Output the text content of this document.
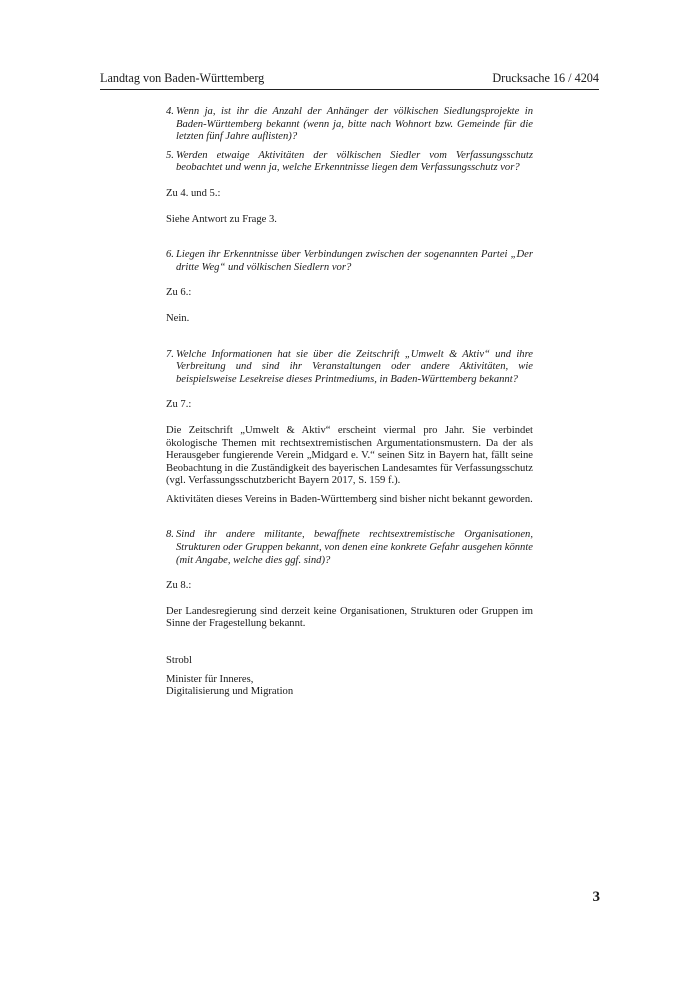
Landtag von Baden-Württemberg	Drucksache 16 / 4204
4. Wenn ja, ist ihr die Anzahl der Anhänger der völkischen Siedlungsprojekte in Baden-Württemberg bekannt (wenn ja, bitte nach Wohnort bzw. Gemeinde für die letzten fünf Jahre auflisten)?
5. Werden etwaige Aktivitäten der völkischen Siedler vom Verfassungsschutz beobachtet und wenn ja, welche Erkenntnisse liegen dem Verfassungsschutz vor?

Zu 4. und 5.:

Siehe Antwort zu Frage 3.

6. Liegen ihr Erkenntnisse über Verbindungen zwischen der sogenannten Partei „Der dritte Weg“ und völkischen Siedlern vor?

Zu 6.:

Nein.

7. Welche Informationen hat sie über die Zeitschrift „Umwelt & Aktiv“ und ihre Verbreitung und sind ihr Veranstaltungen oder andere Aktivitäten, wie beispielsweise Lesekreise dieses Printmediums, in Baden-Württemberg bekannt?

Zu 7.:

Die Zeitschrift „Umwelt & Aktiv“ erscheint viermal pro Jahr. Sie verbindet ökologische Themen mit rechtsextremistischen Argumentationsmustern. Da der als Herausgeber fungierende Verein „Midgard e. V.“ seinen Sitz in Bayern hat, fällt seine Beobachtung in die Zuständigkeit des bayerischen Landesamtes für Verfassungsschutz (vgl. Verfassungsschutzbericht Bayern 2017, S. 159 f.).

Aktivitäten dieses Vereins in Baden-Württemberg sind bisher nicht bekannt geworden.

8. Sind ihr andere militante, bewaffnete rechtsextremistische Organisationen, Strukturen oder Gruppen bekannt, von denen eine konkrete Gefahr ausgehen könnte (mit Angabe, welche dies ggf. sind)?

Zu 8.:

Der Landesregierung sind derzeit keine Organisationen, Strukturen oder Gruppen im Sinne der Fragestellung bekannt.

Strobl

Minister für Inneres,

Digitalisierung und Migration

3
